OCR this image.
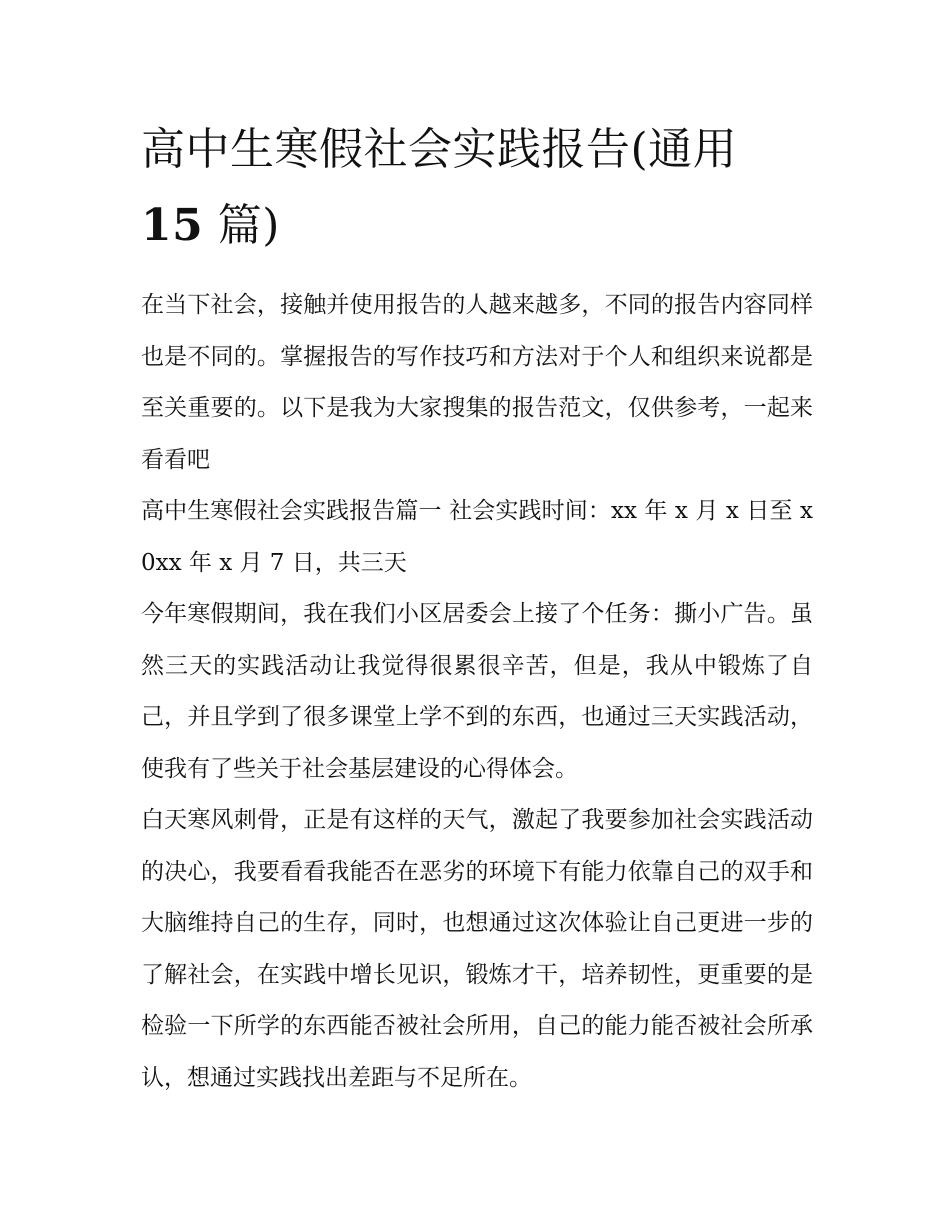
高中生寒假社会实践报告(通用
15 篇)

在当下社会，接触并使用报告的人越来越多，不同的报告内容同样也是不同的。掌握报告的写作技巧和方法对于个人和组织来说都是至关重要的。以下是我为大家搜集的报告范文，仅供参考，一起来看看吧

高中生寒假社会实践报告篇一 社会实践时间：xx 年 x 月 x 日至 x0xx 年 x 月 7 日，共三天

今年寒假期间，我在我们小区居委会上接了个任务：撕小广告。虽然三天的实践活动让我觉得很累很辛苦，但是，我从中锻炼了自己，并且学到了很多课堂上学不到的东西，也通过三天实践活动，使我有了些关于社会基层建设的心得体会。

白天寒风刺骨，正是有这样的天气，激起了我要参加社会实践活动的决心，我要看看我能否在恶劣的环境下有能力依靠自己的双手和大脑维持自己的生存，同时，也想通过这次体验让自己更进一步的了解社会，在实践中增长见识，锻炼才干，培养韧性，更重要的是检验一下所学的东西能否被社会所用，自己的能力能否被社会所承认，想通过实践找出差距与不足所在。
